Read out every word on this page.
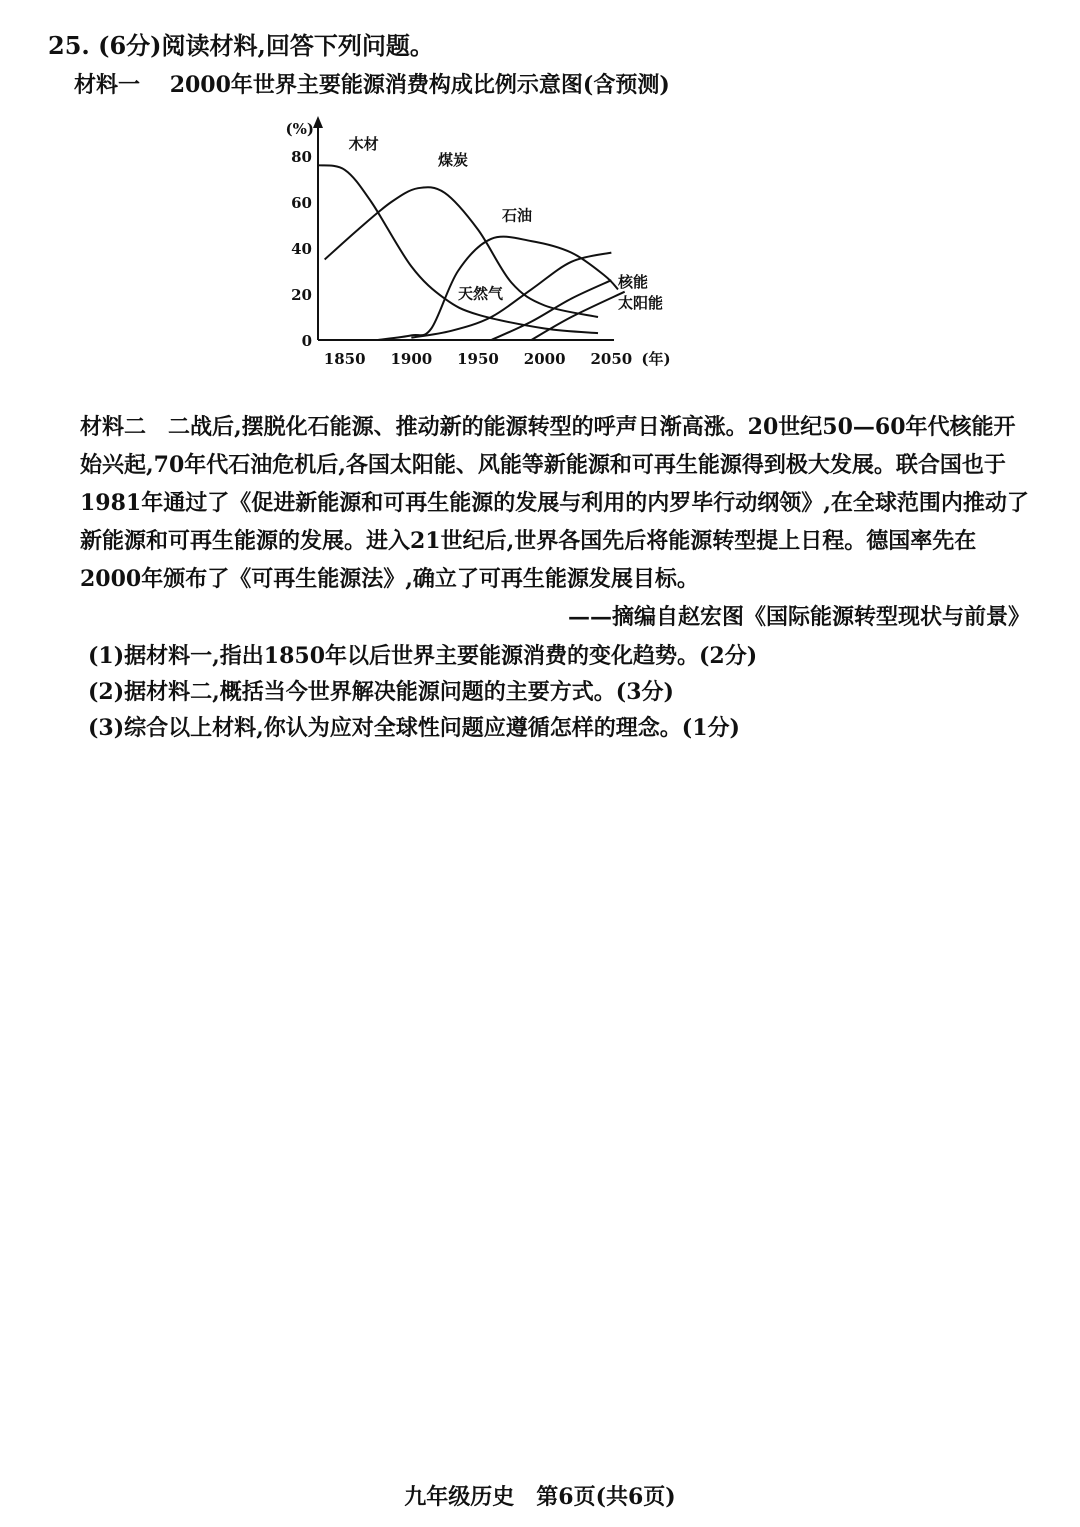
25. (6分)阅读材料,回答下列问题。
材料一 2000年世界主要能源消费构成比例示意图(含预测)
0
20
40
60
80
(%)
1850 1900 1950 2000 2050 (年)
木材
煤炭
石油
天然气
核能
太阳能
材料二 二战后,摆脱化石能源、推动新的能源转型的呼声日渐高涨。20世纪50—60年代核能开始兴起,70年代石油危机后,各国太阳能、风能等新能源和可再生能源得到极大发展。联合国也于1981年通过了《促进新能源和可再生能源的发展与利用的内罗毕行动纲领》,在全球范围内推动了新能源和可再生能源的发展。进入21世纪后,世界各国先后将能源转型提上日程。德国率先在2000年颁布了《可再生能源法》,确立了可再生能源发展目标。
——摘编自赵宏图《国际能源转型现状与前景》
(1)据材料一,指出1850年以后世界主要能源消费的变化趋势。(2分)
(2)据材料二,概括当今世界解决能源问题的主要方式。(3分)
(3)综合以上材料,你认为应对全球性问题应遵循怎样的理念。(1分)
九年级历史　第6页(共6页)
